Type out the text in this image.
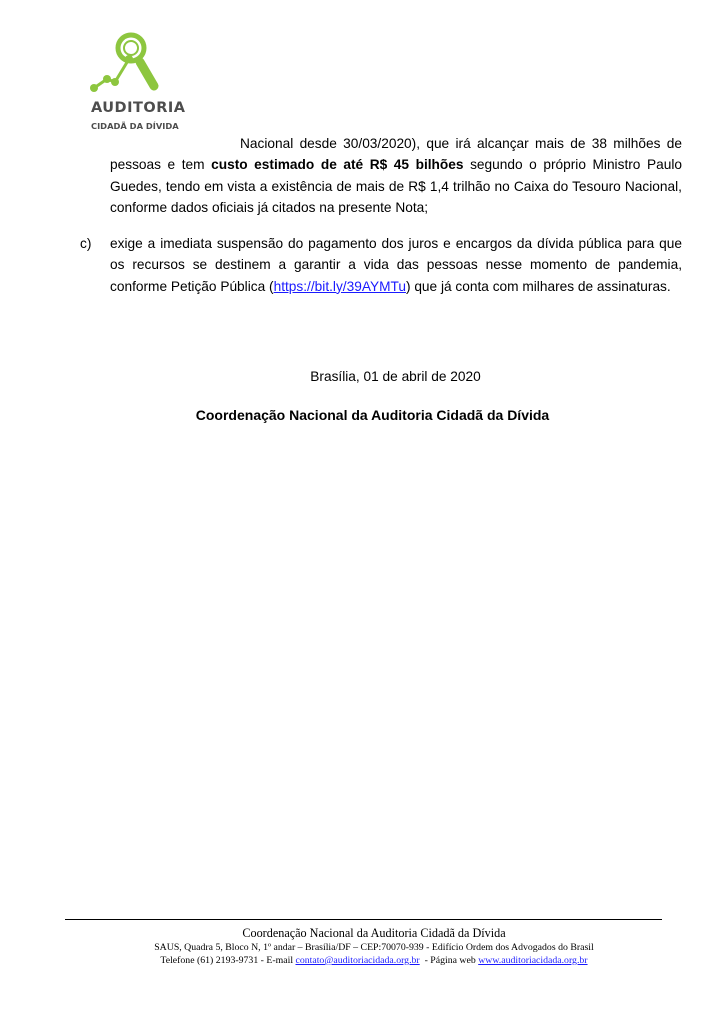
AUDITORIA
CIDADÃ DA DÍVIDA

Nacional desde 30/03/2020), que irá alcançar mais de 38 milhões de pessoas e tem custo estimado de até R$ 45 bilhões segundo o próprio Ministro Paulo Guedes, tendo em vista a existência de mais de R$ 1,4 trilhão no Caixa do Tesouro Nacional, conforme dados oficiais já citados na presente Nota;

c) exige a imediata suspensão do pagamento dos juros e encargos da dívida pública para que os recursos se destinem a garantir a vida das pessoas nesse momento de pandemia, conforme Petição Pública (https://bit.ly/39AYMTu) que já conta com milhares de assinaturas.

Brasília, 01 de abril de 2020
Coordenação Nacional da Auditoria Cidadã da Dívida
Coordenação Nacional da Auditoria Cidadã da Dívida
SAUS, Quadra 5, Bloco N, 1º andar – Brasília/DF – CEP:70070-939 - Edifício Ordem dos Advogados do Brasil
Telefone (61) 2193-9731 - E-mail contato@auditoriacidada.org.br  - Página web www.auditoriacidada.org.br
